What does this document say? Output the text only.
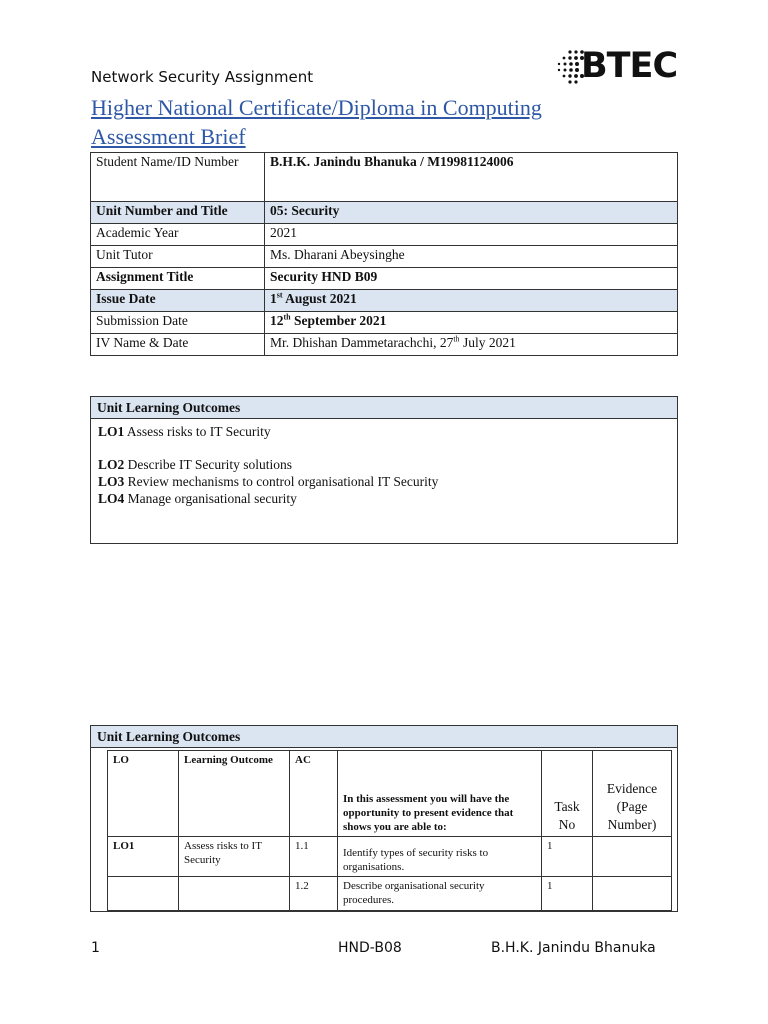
Network Security Assignment	BTEC
Higher National Certificate/Diploma in Computing
Assessment Brief
Student Name/ID Number	B.H.K. Janindu Bhanuka / M19981124006
Unit Number and Title	05: Security
Academic Year	2021
Unit Tutor	Ms. Dharani Abeysinghe
Assignment Title	Security HND B09
Issue Date	1st August 2021
Submission Date	12th September 2021
IV Name & Date	Mr. Dhishan Dammetarachchi, 27th July 2021
Unit Learning Outcomes
LO1 Assess risks to IT Security
LO2 Describe IT Security solutions
LO3 Review mechanisms to control organisational IT Security
LO4 Manage organisational security
Unit Learning Outcomes
LO	Learning Outcome	AC	In this assessment you will have the opportunity to present evidence that shows you are able to:	Task No	Evidence (Page Number)
LO1	Assess risks to IT Security	1.1	Identify types of security risks to organisations.	1	
		1.2	Describe organisational security procedures.	1	
1	HND-B08	B.H.K. Janindu Bhanuka
